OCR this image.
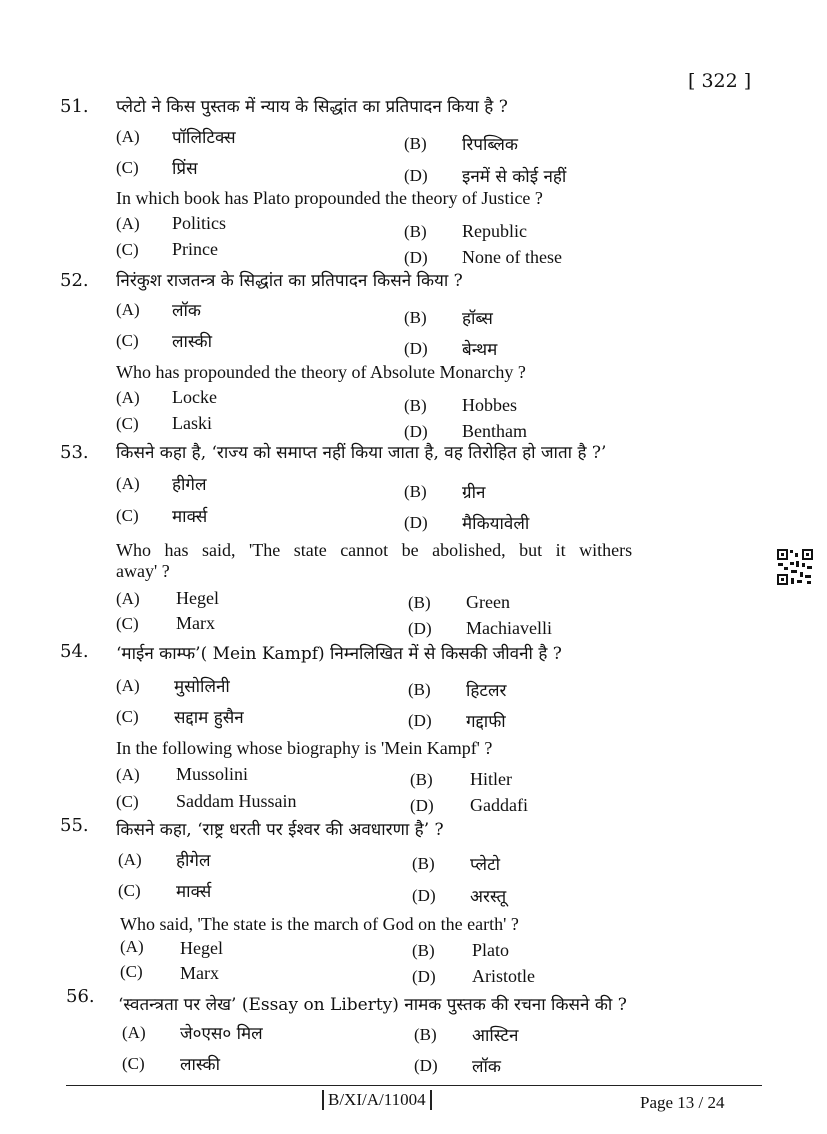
[ 322 ]
51. प्लेटो ने किस पुस्तक में न्याय के सिद्धांत का प्रतिपादन किया है ?
(A) पॉलिटिक्स	(B) रिपब्लिक
(C) प्रिंस	(D) इनमें से कोई नहीं
In which book has Plato propounded the theory of Justice ?
(A) Politics	(B) Republic
(C) Prince	(D) None of these
52. निरंकुश राजतन्त्र के सिद्धांत का प्रतिपादन किसने किया ?
(A) लॉक	(B) हॉब्स
(C) लास्की	(D) बेन्थम
Who has propounded the theory of Absolute Monarchy ?
(A) Locke	(B) Hobbes
(C) Laski	(D) Bentham
53. किसने कहा है, ‘राज्य को समाप्त नहीं किया जाता है, वह तिरोहित हो जाता है ?’
(A) हीगेल	(B) ग्रीन
(C) मार्क्स	(D) मैकियावेली
Who has said, 'The state cannot be abolished, but it withers
away' ?
(A) Hegel	(B) Green
(C) Marx	(D) Machiavelli
54. ‘माईन काम्फ’( Mein Kampf) निम्नलिखित में से किसकी जीवनी है ?
(A) मुसोलिनी	(B) हिटलर
(C) सद्दाम हुसैन	(D) गद्दाफी
In the following whose biography is 'Mein Kampf' ?
(A) Mussolini	(B) Hitler
(C) Saddam Hussain	(D) Gaddafi
55. किसने कहा, ‘राष्ट्र धरती पर ईश्वर की अवधारणा है’ ?
(A) हीगेल	(B) प्लेटो
(C) मार्क्स	(D) अरस्तू
Who said, 'The state is the march of God on the earth' ?
(A) Hegel	(B) Plato
(C) Marx	(D) Aristotle
56. ‘स्वतन्त्रता पर लेख’ (Essay on Liberty) नामक पुस्तक की रचना किसने की ?
(A) जे०एस० मिल	(B) आस्टिन
(C) लास्की	(D) लॉक
B/XI/A/11004	Page 13 / 24
